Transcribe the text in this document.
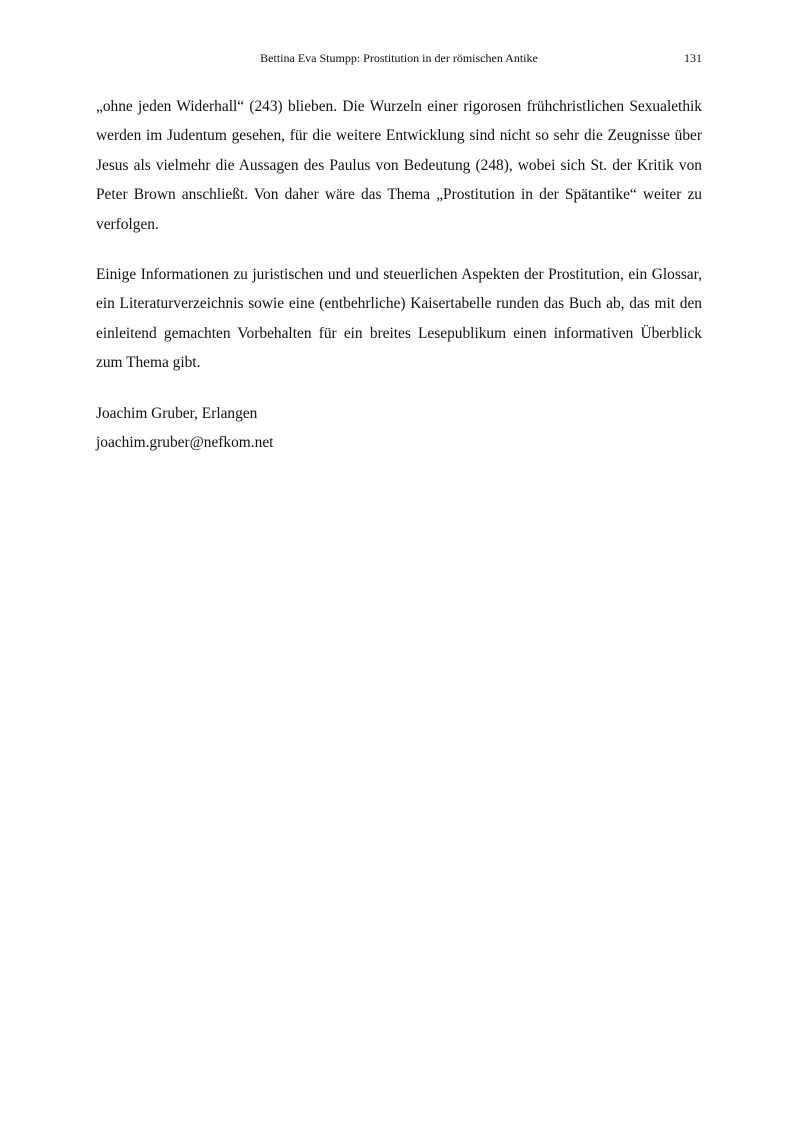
Bettina Eva Stumpp: Prostitution in der römischen Antike	131

„ohne jeden Widerhall“ (243) blieben. Die Wurzeln einer rigorosen frühchristlichen Sexualethik werden im Judentum gesehen, für die weitere Entwicklung sind nicht so sehr die Zeugnisse über Jesus als vielmehr die Aussagen des Paulus von Bedeutung (248), wobei sich St. der Kritik von Peter Brown anschließt. Von daher wäre das Thema „Prostitution in der Spätantike“ weiter zu verfolgen.

Einige Informationen zu juristischen und und steuerlichen Aspekten der Prostitution, ein Glossar, ein Literaturverzeichnis sowie eine (entbehrliche) Kaisertabelle runden das Buch ab, das mit den einleitend gemachten Vorbehalten für ein breites Lesepublikum einen informativen Überblick zum Thema gibt.

Joachim Gruber, Erlangen
joachim.gruber@nefkom.net
